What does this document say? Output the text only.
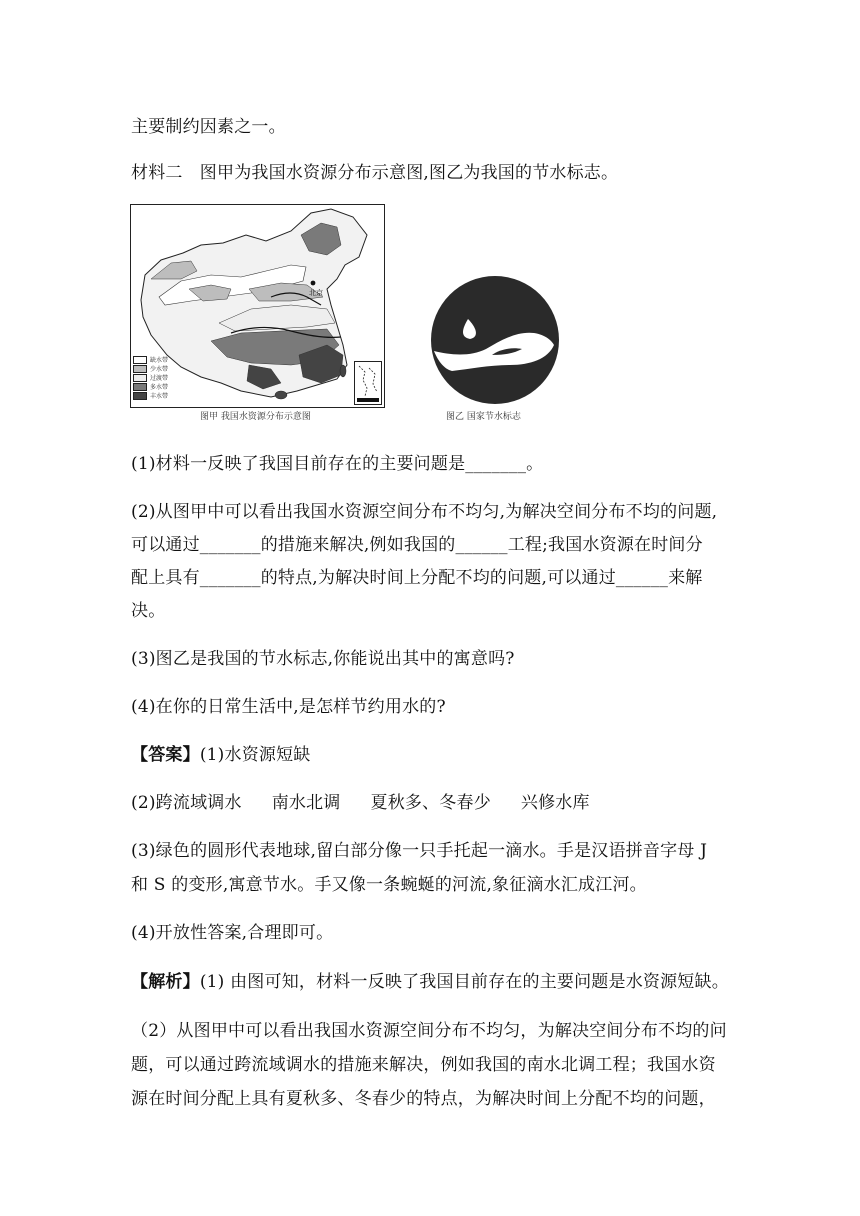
主要制约因素之一。
材料二　图甲为我国水资源分布示意图,图乙为我国的节水标志。
北京
缺水带
少水带
过渡带
多水带
丰水带
图甲 我国水资源分布示意图	图乙 国家节水标志
(1)材料一反映了我国目前存在的主要问题是_______。
(2)从图甲中可以看出我国水资源空间分布不均匀,为解决空间分布不均的问题,
可以通过_______的措施来解决,例如我国的______工程;我国水资源在时间分
配上具有_______的特点,为解决时间上分配不均的问题,可以通过______来解
决。
(3)图乙是我国的节水标志,你能说出其中的寓意吗?
(4)在你的日常生活中,是怎样节约用水的?
【答案】(1)水资源短缺
(2)跨流域调水 南水北调 夏秋多、冬春少 兴修水库
(3)绿色的圆形代表地球,留白部分像一只手托起一滴水。手是汉语拼音字母 J
和 S 的变形,寓意节水。手又像一条蜿蜒的河流,象征滴水汇成江河。
(4)开放性答案,合理即可。
【解析】(1) 由图可知，材料一反映了我国目前存在的主要问题是水资源短缺。
（2）从图甲中可以看出我国水资源空间分布不均匀，为解决空间分布不均的问
题，可以通过跨流域调水的措施来解决，例如我国的南水北调工程；我国水资
源在时间分配上具有夏秋多、冬春少的特点，为解决时间上分配不均的问题，
